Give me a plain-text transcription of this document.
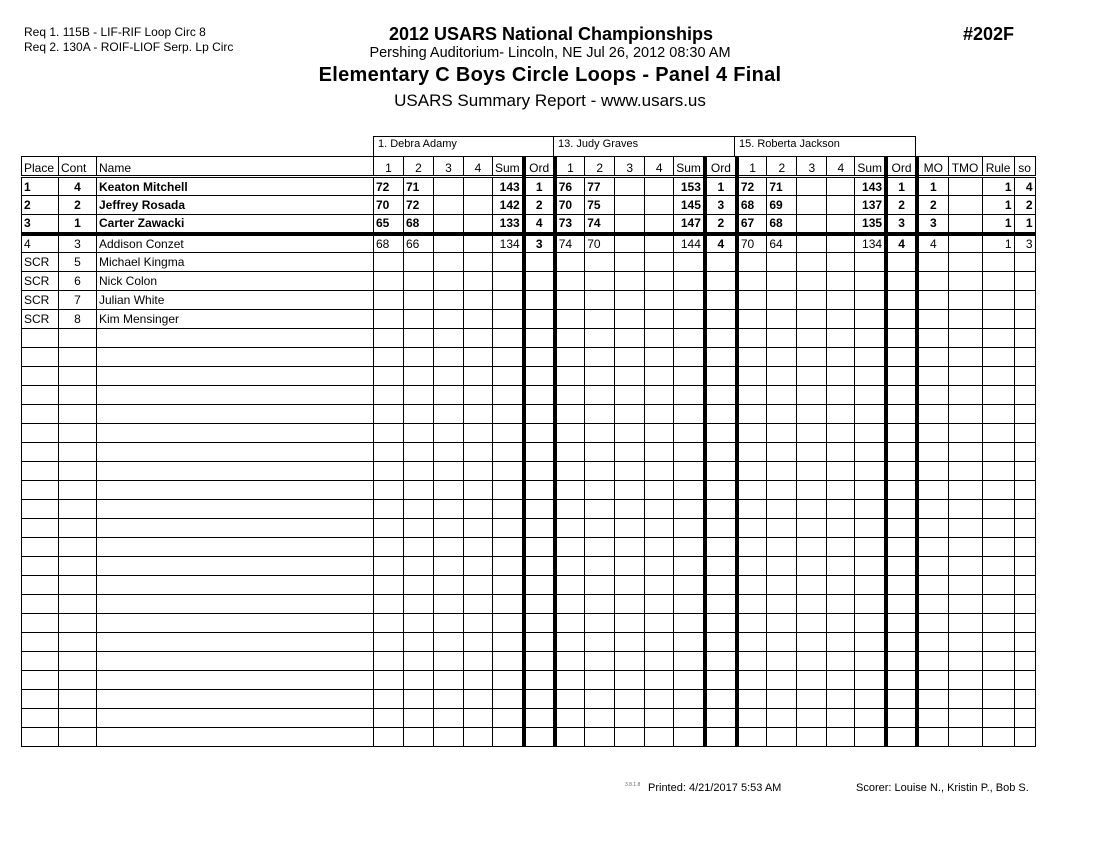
Req 1. 115B - LIF-RIF Loop Circ 8
Req 2. 130A - ROIF-LIOF Serp. Lp Circ
2012 USARS National Championships
Pershing Auditorium- Lincoln, NE Jul 26, 2012 08:30 AM
Elementary C Boys Circle Loops - Panel 4 Final
USARS Summary Report - www.usars.us
#202F
1. Debra Adamy	13. Judy Graves	15. Roberta Jackson
Place	Cont	Name	1	2	3	4	Sum	Ord	1	2	3	4	Sum	Ord	1	2	3	4	Sum	Ord	MO	TMO	Rule	so
1	4	Keaton Mitchell	72	71			143	1	76	77			153	1	72	71			143	1	1		1	4
2	2	Jeffrey Rosada	70	72			142	2	70	75			145	3	68	69			137	2	2		1	2
3	1	Carter Zawacki	65	68			133	4	73	74			147	2	67	68			135	3	3		1	1
4	3	Addison Conzet	68	66			134	3	74	70			144	4	70	64			134	4	4		1	3
SCR	5	Michael Kingma																						
SCR	6	Nick Colon																						
SCR	7	Julian White																						
SCR	8	Kim Mensinger																						

3.8.1.8 Printed: 4/21/2017 5:53 AM	Scorer: Louise N., Kristin P., Bob S.
